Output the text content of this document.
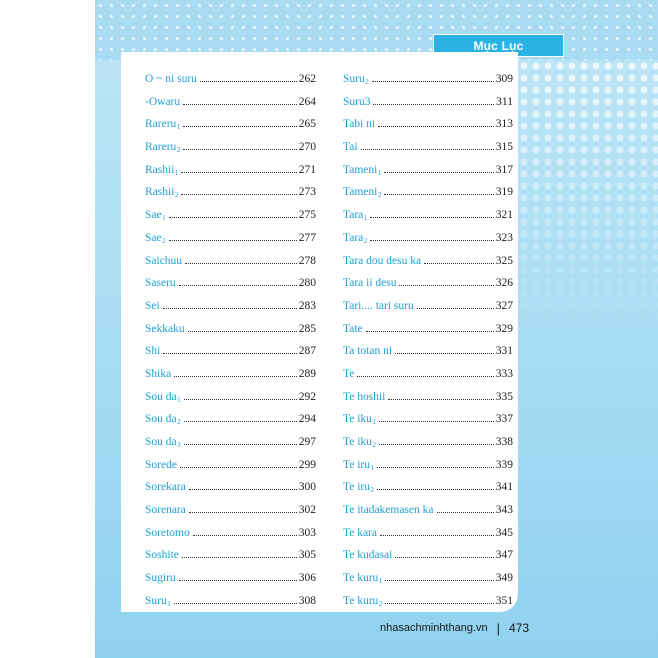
Mục Lục
O ~ ni suru	262
-Owaru	264
Rareru$_1$	265
Rareru$_2$	270
Rashii$_1$	271
Rashii$_2$	273
Sae$_1$	275
Sae$_2$	277
Saichuu	278
Saseru	280
Sei	283
Sekkaku	285
Shi	287
Shika	289
Sou $da_1$	292
Sou $da_2$	294
Sou $da_3$	297
Sorede	299
Sorekara	300
Sorenara	302
Soretomo	303
Soshite	305
Sugiru	306
Suru$_1$	308
Suru$_2$	309
Suru3	311
Tabi ni	313
Tai	315
Tameni$_1$	317
Tameni$_2$	319
Tara$_1$	321
Tara$_2$	323
Tara dou desu ka	325
Tara ii desu	326
Tari.... tari suru	327
Tate	329
Ta totan ni	331
Te	333
Te hoshii	335
Te iku$_1$	337
Te iku$_2$	338
Te iru$_1$	339
Te iru$_2$	341
Te itadakemasen ka	343
Te kara	345
Te kudasai	347
Te kuru$_1$	349
Te kuru$_2$	351
nhasachminhthang.vn | 473
